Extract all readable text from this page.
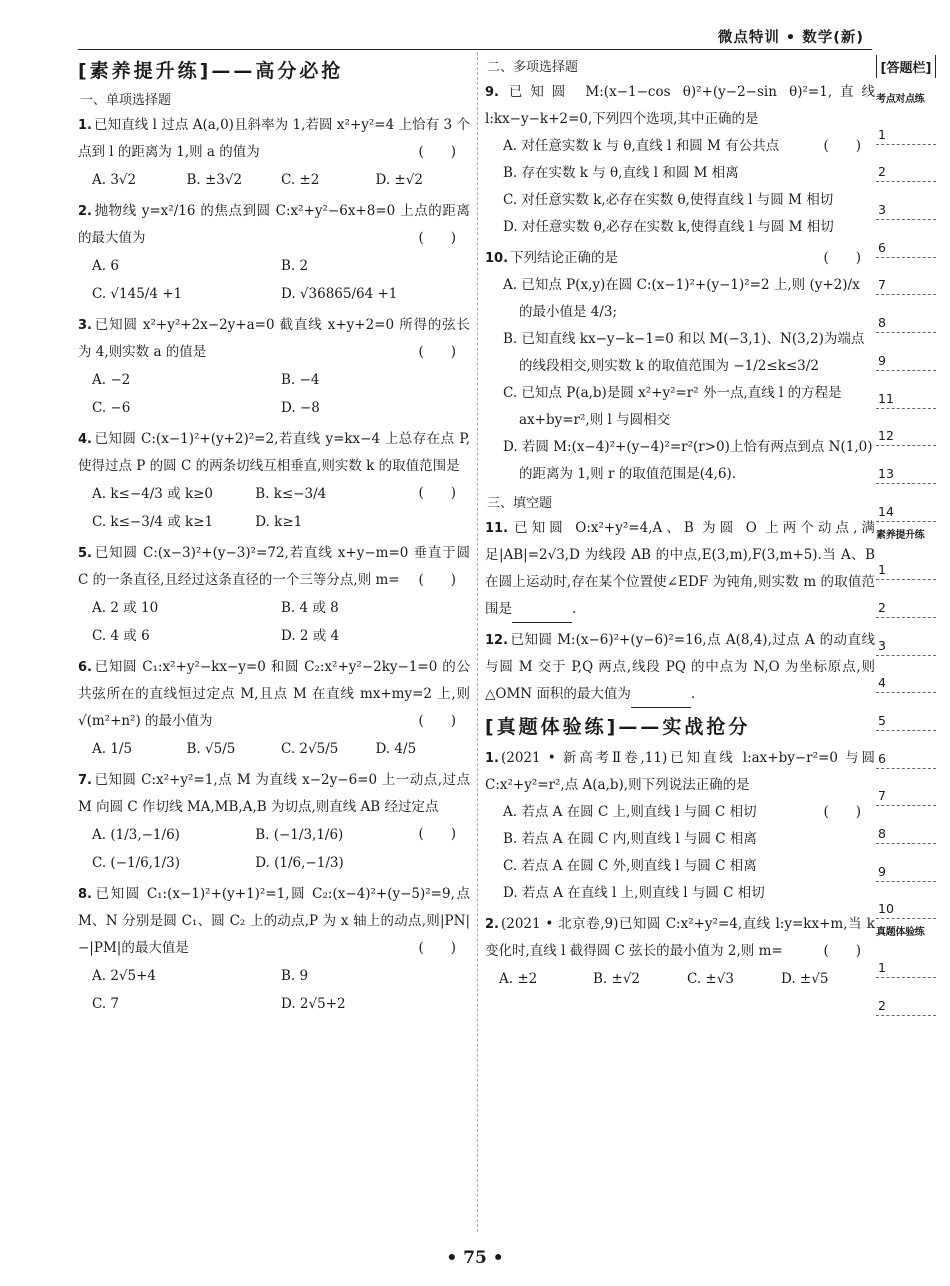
微点特训 • 数学(新)
[素养提升练]——高分必抢
一、单项选择题
1. 已知直线 l 过点 A(a,0)且斜率为 1,若圆 x²+y²=4 上恰有 3 个点到 l 的距离为 1,则 a 的值为	(　　)
A. 3√2	B. ±3√2	C. ±2	D. ±√2
2. 抛物线 y=x²/16 的焦点到圆 C:x²+y²−6x+8=0 上点的距离的最大值为	(　　)
A. 6	B. 2
C. √145/4 +1	D. √36865/64 +1
3. 已知圆 x²+y²+2x−2y+a=0 截直线 x+y+2=0 所得的弦长为 4,则实数 a 的值是	(　　)
A. −2	B. −4
C. −6	D. −8
4. 已知圆 C:(x−1)²+(y+2)²=2,若直线 y=kx−4 上总存在点 P,使得过点 P 的圆 C 的两条切线互相垂直,则实数 k 的取值范围是
(　　)
A. k≤−4/3 或 k≥0	B. k≤−3/4
C. k≤−3/4 或 k≥1	D. k≥1
5. 已知圆 C:(x−3)²+(y−3)²=72,若直线 x+y−m=0 垂直于圆 C 的一条直径,且经过这条直径的一个三等分点,则 m= (　　)
A. 2 或 10	B. 4 或 8
C. 4 或 6	D. 2 或 4
6. 已知圆 C₁:x²+y²−kx−y=0 和圆 C₂:x²+y²−2ky−1=0 的公共弦所在的直线恒过定点 M,且点 M 在直线 mx+my=2 上,则√(m²+n²) 的最小值为	(　　)
A. 1/5	B. √5/5	C. 2√5/5	D. 4/5
7. 已知圆 C:x²+y²=1,点 M 为直线 x−2y−6=0 上一动点,过点 M 向圆 C 作切线 MA,MB,A,B 为切点,则直线 AB 经过定点
(　　)
A. (1/3,−1/6)	B. (−1/3,1/6)
C. (−1/6,1/3)	D. (1/6,−1/3)
8. 已知圆 C₁:(x−1)²+(y+1)²=1,圆 C₂:(x−4)²+(y−5)²=9,点 M、N 分别是圆 C₁、圆 C₂ 上的动点,P 为 x 轴上的动点,则|PN|−|PM|的最大值是	(　　)
A. 2√5+4	B. 9
C. 7	D. 2√5+2
二、多项选择题
9. 已知圆 M:(x−1−cos θ)²+(y−2−sin θ)²=1,直线 l:kx−y−k+2=0,下列四个选项,其中正确的是

(　　)
A. 对任意实数 k 与 θ,直线 l 和圆 M 有公共点
B. 存在实数 k 与 θ,直线 l 和圆 M 相离
C. 对任意实数 k,必存在实数 θ,使得直线 l 与圆 M 相切
D. 对任意实数 θ,必存在实数 k,使得直线 l 与圆 M 相切
10. 下列结论正确的是	(　　)
A. 已知点 P(x,y)在圆 C:(x−1)²+(y−1)²=2 上,则 (y+2)/x 的最小值是 4/3;
B. 已知直线 kx−y−k−1=0 和以 M(−3,1)、N(3,2)为端点的线段相交,则实数 k 的取值范围为 −1/2≤k≤3/2
C. 已知点 P(a,b)是圆 x²+y²=r² 外一点,直线 l 的方程是 ax+by=r²,则 l 与圆相交
D. 若圆 M:(x−4)²+(y−4)²=r²(r>0)上恰有两点到点 N(1,0)的距离为 1,则 r 的取值范围是(4,6).
三、填空题
11. 已知圆 O:x²+y²=4,A、B 为圆 O 上两个动点,满足|AB|=2√3,D 为线段 AB 的中点,E(3,m),F(3,m+5).当 A、B 在圆上运动时,存在某个位置使∠EDF 为钝角,则实数 m 的取值范围是	.
12. 已知圆 M:(x−6)²+(y−6)²=16,点 A(8,4),过点 A 的动直线与圆 M 交于 P,Q 两点,线段 PQ 的中点为 N,O 为坐标原点,则△OMN 面积的最大值为	.
[真题体验练]——实战抢分
1. (2021 • 新高考Ⅱ卷,11)已知直线 l:ax+by−r²=0 与圆 C:x²+y²=r²,点 A(a,b),则下列说法正确的是

(　　)
A. 若点 A 在圆 C 上,则直线 l 与圆 C 相切
B. 若点 A 在圆 C 内,则直线 l 与圆 C 相离
C. 若点 A 在圆 C 外,则直线 l 与圆 C 相离
D. 若点 A 在直线 l 上,则直线 l 与圆 C 相切
2. (2021 • 北京卷,9)已知圆 C:x²+y²=4,直线 l:y=kx+m,当 k 变化时,直线 l 截得圆 C 弦长的最小值为 2,则 m=	(　　)
A. ±2	B. ±√2	C. ±√3	D. ±√5
[答题栏]
考点对点练
1
2
3
6
7
8
9
11
12
13
14
素养提升练
1
2
3
4
5
6
7
8
9
10
真题体验练
1
2
• 75 •
